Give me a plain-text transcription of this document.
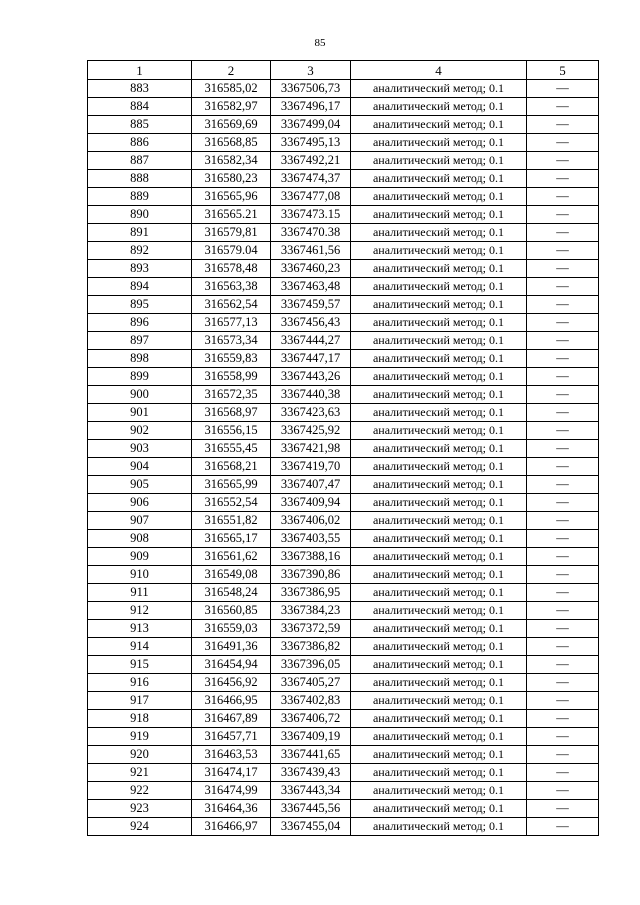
85
1	2	3	4	5
883	316585,02	3367506,73	аналитический метод; 0.1	—
884	316582,97	3367496,17	аналитический метод; 0.1	—
885	316569,69	3367499,04	аналитический метод; 0.1	—
886	316568,85	3367495,13	аналитический метод; 0.1	—
887	316582,34	3367492,21	аналитический метод; 0.1	—
888	316580,23	3367474,37	аналитический метод; 0.1	—
889	316565,96	3367477,08	аналитический метод; 0.1	—
890	316565.21	3367473.15	аналитический метод; 0.1	—
891	316579,81	3367470.38	аналитический метод; 0.1	—
892	316579.04	3367461,56	аналитический метод; 0.1	—
893	316578,48	3367460,23	аналитический метод; 0.1	—
894	316563,38	3367463,48	аналитический метод; 0.1	—
895	316562,54	3367459,57	аналитический метод; 0.1	—
896	316577,13	3367456,43	аналитический метод; 0.1	—
897	316573,34	3367444,27	аналитический метод; 0.1	—
898	316559,83	3367447,17	аналитический метод; 0.1	—
899	316558,99	3367443,26	аналитический метод; 0.1	—
900	316572,35	3367440,38	аналитический метод; 0.1	—
901	316568,97	3367423,63	аналитический метод; 0.1	—
902	316556,15	3367425,92	аналитический метод; 0.1	—
903	316555,45	3367421,98	аналитический метод; 0.1	—
904	316568,21	3367419,70	аналитический метод; 0.1	—
905	316565,99	3367407,47	аналитический метод; 0.1	—
906	316552,54	3367409,94	аналитический метод; 0.1	—
907	316551,82	3367406,02	аналитический метод; 0.1	—
908	316565,17	3367403,55	аналитический метод; 0.1	—
909	316561,62	3367388,16	аналитический метод; 0.1	—
910	316549,08	3367390,86	аналитический метод; 0.1	—
911	316548,24	3367386,95	аналитический метод; 0.1	—
912	316560,85	3367384,23	аналитический метод; 0.1	—
913	316559,03	3367372,59	аналитический метод; 0.1	—
914	316491,36	3367386,82	аналитический метод; 0.1	—
915	316454,94	3367396,05	аналитический метод; 0.1	—
916	316456,92	3367405,27	аналитический метод; 0.1	—
917	316466,95	3367402,83	аналитический метод; 0.1	—
918	316467,89	3367406,72	аналитический метод; 0.1	—
919	316457,71	3367409,19	аналитический метод; 0.1	—
920	316463,53	3367441,65	аналитический метод; 0.1	—
921	316474,17	3367439,43	аналитический метод; 0.1	—
922	316474,99	3367443,34	аналитический метод; 0.1	—
923	316464,36	3367445,56	аналитический метод; 0.1	—
924	316466,97	3367455,04	аналитический метод; 0.1	—
